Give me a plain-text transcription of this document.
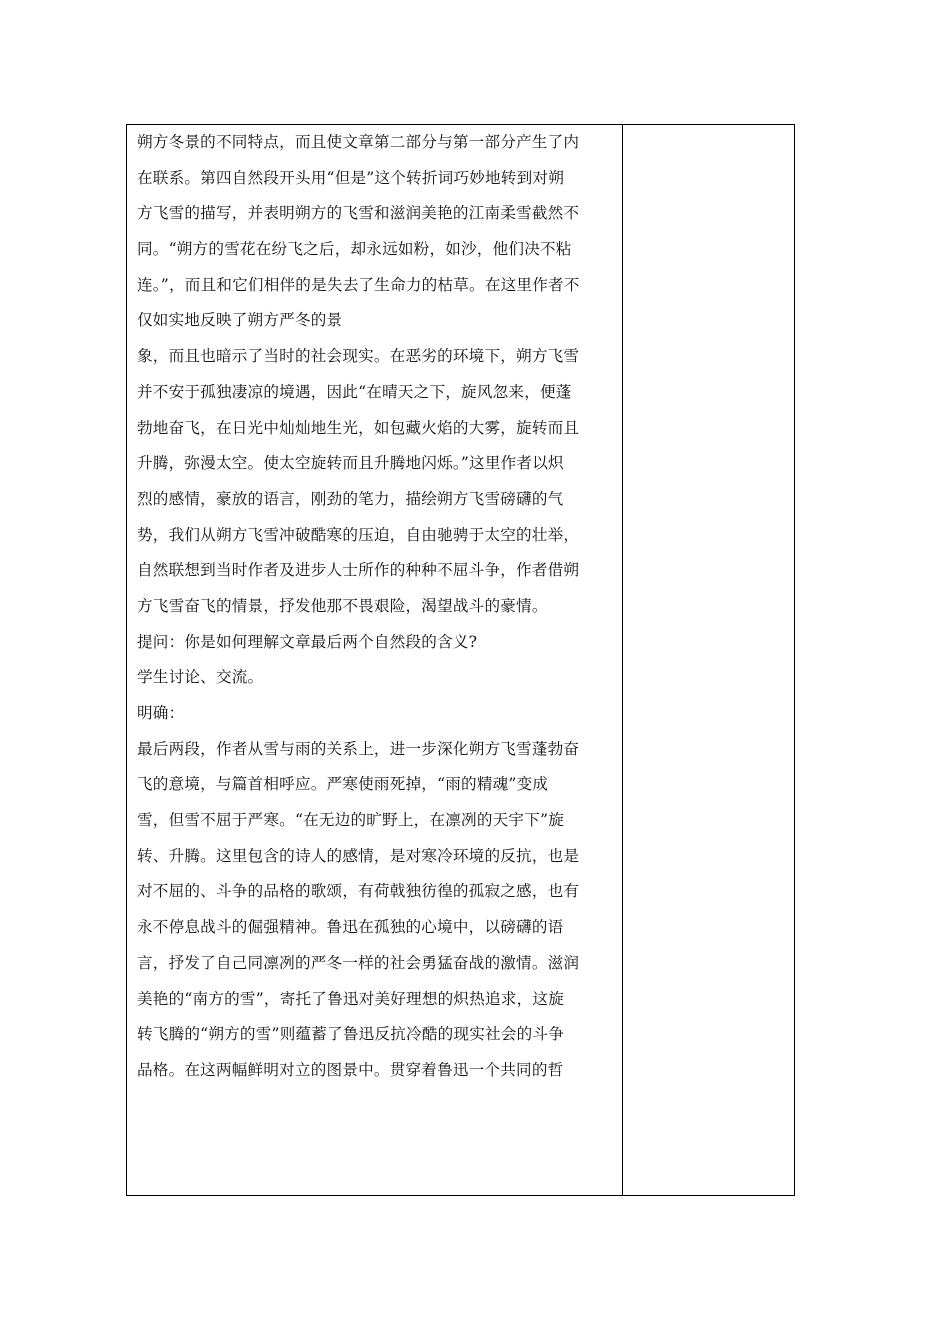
朔方冬景的不同特点，而且使文章第二部分与第一部分产生了内
在联系。第四自然段开头用“但是”这个转折词巧妙地转到对朔
方飞雪的描写，并表明朔方的飞雪和滋润美艳的江南柔雪截然不
同。“朔方的雪花在纷飞之后，却永远如粉，如沙，他们决不粘
连。”，而且和它们相伴的是失去了生命力的枯草。在这里作者不
仅如实地反映了朔方严冬的景
象，而且也暗示了当时的社会现实。在恶劣的环境下，朔方飞雪
并不安于孤独凄凉的境遇，因此“在晴天之下，旋风忽来，便蓬
勃地奋飞，在日光中灿灿地生光，如包藏火焰的大雾，旋转而且
升腾，弥漫太空。使太空旋转而且升腾地闪烁。”这里作者以炽
烈的感情，豪放的语言，刚劲的笔力，描绘朔方飞雪磅礴的气
势，我们从朔方飞雪冲破酷寒的压迫，自由驰骋于太空的壮举，
自然联想到当时作者及进步人士所作的种种不屈斗争，作者借朔
方飞雪奋飞的情景，抒发他那不畏艰险，渴望战斗的豪情。
提问：你是如何理解文章最后两个自然段的含义?
学生讨论、交流。
明确：
最后两段，作者从雪与雨的关系上，进一步深化朔方飞雪蓬勃奋
飞的意境，与篇首相呼应。严寒使雨死掉，“雨的精魂”变成
雪，但雪不屈于严寒。“在无边的旷野上，在凛冽的天宇下”旋
转、升腾。这里包含的诗人的感情，是对寒冷环境的反抗，也是
对不屈的、斗争的品格的歌颂，有荷戟独彷徨的孤寂之感，也有
永不停息战斗的倔强精神。鲁迅在孤独的心境中，以磅礴的语
言，抒发了自己同凛冽的严冬一样的社会勇猛奋战的激情。滋润
美艳的“南方的雪”，寄托了鲁迅对美好理想的炽热追求，这旋
转飞腾的“朔方的雪”则蕴蓄了鲁迅反抗冷酷的现实社会的斗争
品格。在这两幅鲜明对立的图景中。贯穿着鲁迅一个共同的哲
